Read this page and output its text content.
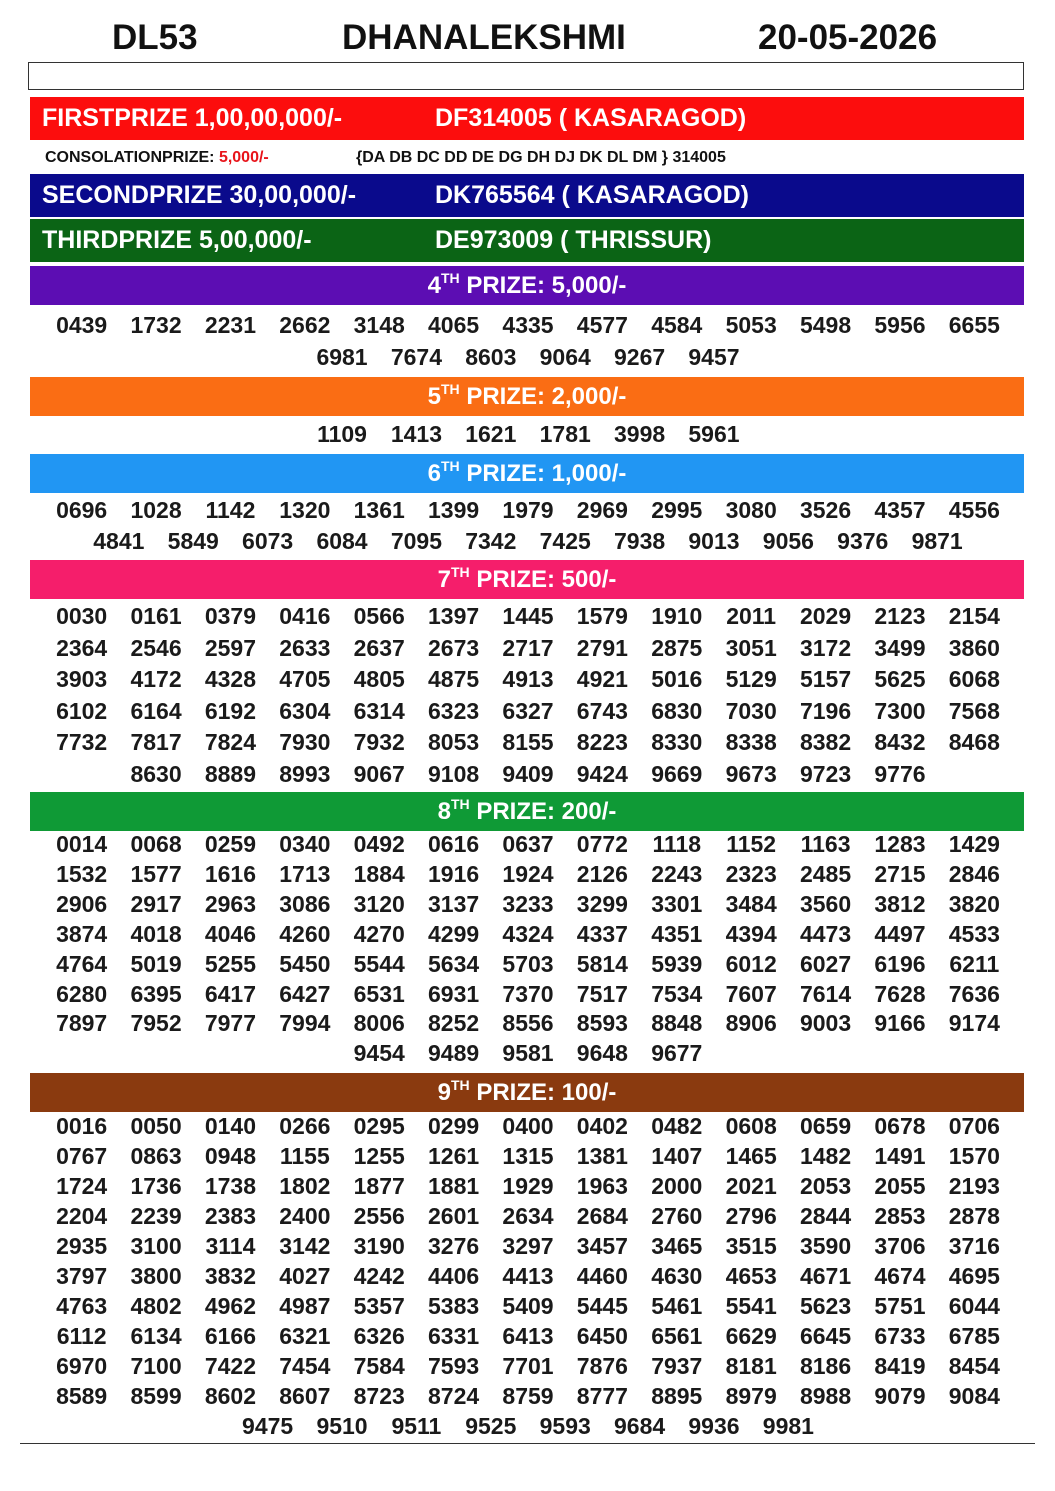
DL53	DHANALEKSHMI	20-05-2026
FIRSTPRIZE 1,00,00,000/-	DF314005 ( KASARAGOD)
CONSOLATIONPRIZE: 5,000/-	{DA DB DC DD DE DG DH DJ DK DL DM } 314005
SECONDPRIZE 30,00,000/-	DK765564 ( KASARAGOD)
THIRDPRIZE 5,00,000/-	DE973009 ( THRISSUR)
4TH PRIZE: 5,000/-
0439	1732	2231	2662	3148	4065	4335	4577	4584	5053	5498	5956	6655
6981	7674	8603	9064	9267	9457
5TH PRIZE: 2,000/-
1109	1413	1621	1781	3998	5961
6TH PRIZE: 1,000/-
0696	1028	1142	1320	1361	1399	1979	2969	2995	3080	3526	4357	4556
4841	5849	6073	6084	7095	7342	7425	7938	9013	9056	9376	9871
7TH PRIZE: 500/-
0030	0161	0379	0416	0566	1397	1445	1579	1910	2011	2029	2123	2154
2364	2546	2597	2633	2637	2673	2717	2791	2875	3051	3172	3499	3860
3903	4172	4328	4705	4805	4875	4913	4921	5016	5129	5157	5625	6068
6102	6164	6192	6304	6314	6323	6327	6743	6830	7030	7196	7300	7568
7732	7817	7824	7930	7932	8053	8155	8223	8330	8338	8382	8432	8468
8630	8889	8993	9067	9108	9409	9424	9669	9673	9723	9776
8TH PRIZE: 200/-
0014	0068	0259	0340	0492	0616	0637	0772	1118	1152	1163	1283	1429
1532	1577	1616	1713	1884	1916	1924	2126	2243	2323	2485	2715	2846
2906	2917	2963	3086	3120	3137	3233	3299	3301	3484	3560	3812	3820
3874	4018	4046	4260	4270	4299	4324	4337	4351	4394	4473	4497	4533
4764	5019	5255	5450	5544	5634	5703	5814	5939	6012	6027	6196	6211
6280	6395	6417	6427	6531	6931	7370	7517	7534	7607	7614	7628	7636
7897	7952	7977	7994	8006	8252	8556	8593	8848	8906	9003	9166	9174
9454	9489	9581	9648	9677
9TH PRIZE: 100/-
0016	0050	0140	0266	0295	0299	0400	0402	0482	0608	0659	0678	0706
0767	0863	0948	1155	1255	1261	1315	1381	1407	1465	1482	1491	1570
1724	1736	1738	1802	1877	1881	1929	1963	2000	2021	2053	2055	2193
2204	2239	2383	2400	2556	2601	2634	2684	2760	2796	2844	2853	2878
2935	3100	3114	3142	3190	3276	3297	3457	3465	3515	3590	3706	3716
3797	3800	3832	4027	4242	4406	4413	4460	4630	4653	4671	4674	4695
4763	4802	4962	4987	5357	5383	5409	5445	5461	5541	5623	5751	6044
6112	6134	6166	6321	6326	6331	6413	6450	6561	6629	6645	6733	6785
6970	7100	7422	7454	7584	7593	7701	7876	7937	8181	8186	8419	8454
8589	8599	8602	8607	8723	8724	8759	8777	8895	8979	8988	9079	9084
9475	9510	9511	9525	9593	9684	9936	9981
